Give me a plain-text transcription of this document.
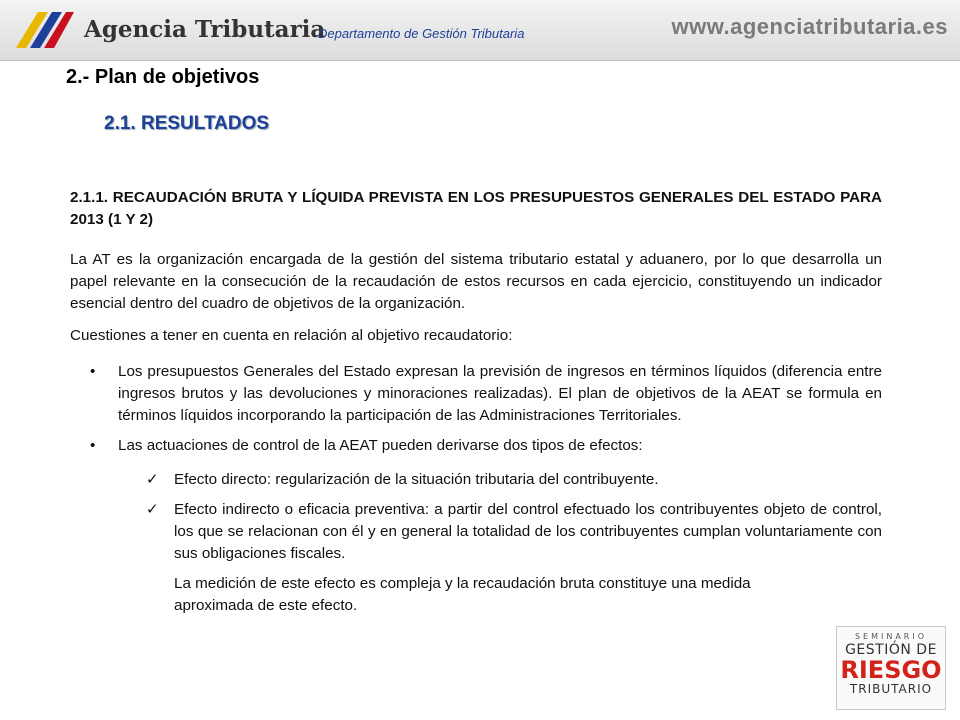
Agencia Tributaria
Departamento de Gestión Tributaria	www.agenciatributaria.es
2.- Plan de objetivos
2.1. RESULTADOS

2.1.1. RECAUDACIÓN BRUTA Y LÍQUIDA PREVISTA EN LOS PRESUPUESTOS GENERALES DEL ESTADO PARA 2013 (1 Y 2)

La AT es la organización encargada de la gestión del sistema tributario estatal y aduanero, por lo que desarrolla un papel relevante en la consecución de la recaudación de estos recursos en cada ejercicio, constituyendo un indicador esencial dentro del cuadro de objetivos de la organización.

Cuestiones a tener en cuenta en relación al objetivo recaudatorio:

• Los presupuestos Generales del Estado expresan la previsión de ingresos en términos líquidos (diferencia entre ingresos brutos y las devoluciones y minoraciones realizadas). El plan de objetivos de la AEAT se formula en términos líquidos incorporando la participación de las Administraciones Territoriales.
• Las actuaciones de control de la AEAT pueden derivarse dos tipos de efectos:
✓ Efecto directo: regularización de la situación tributaria del contribuyente.
✓ Efecto indirecto o eficacia preventiva: a partir del control efectuado los contribuyentes objeto de control, los que se relacionan con él y en general la totalidad de los contribuyentes cumplan voluntariamente con sus obligaciones fiscales.

La medición de este efecto es compleja y la recaudación bruta constituye una medida aproximada de este efecto.

SEMINARIO
GESTIÓN DE
RIESGO
TRIBUTARIO
